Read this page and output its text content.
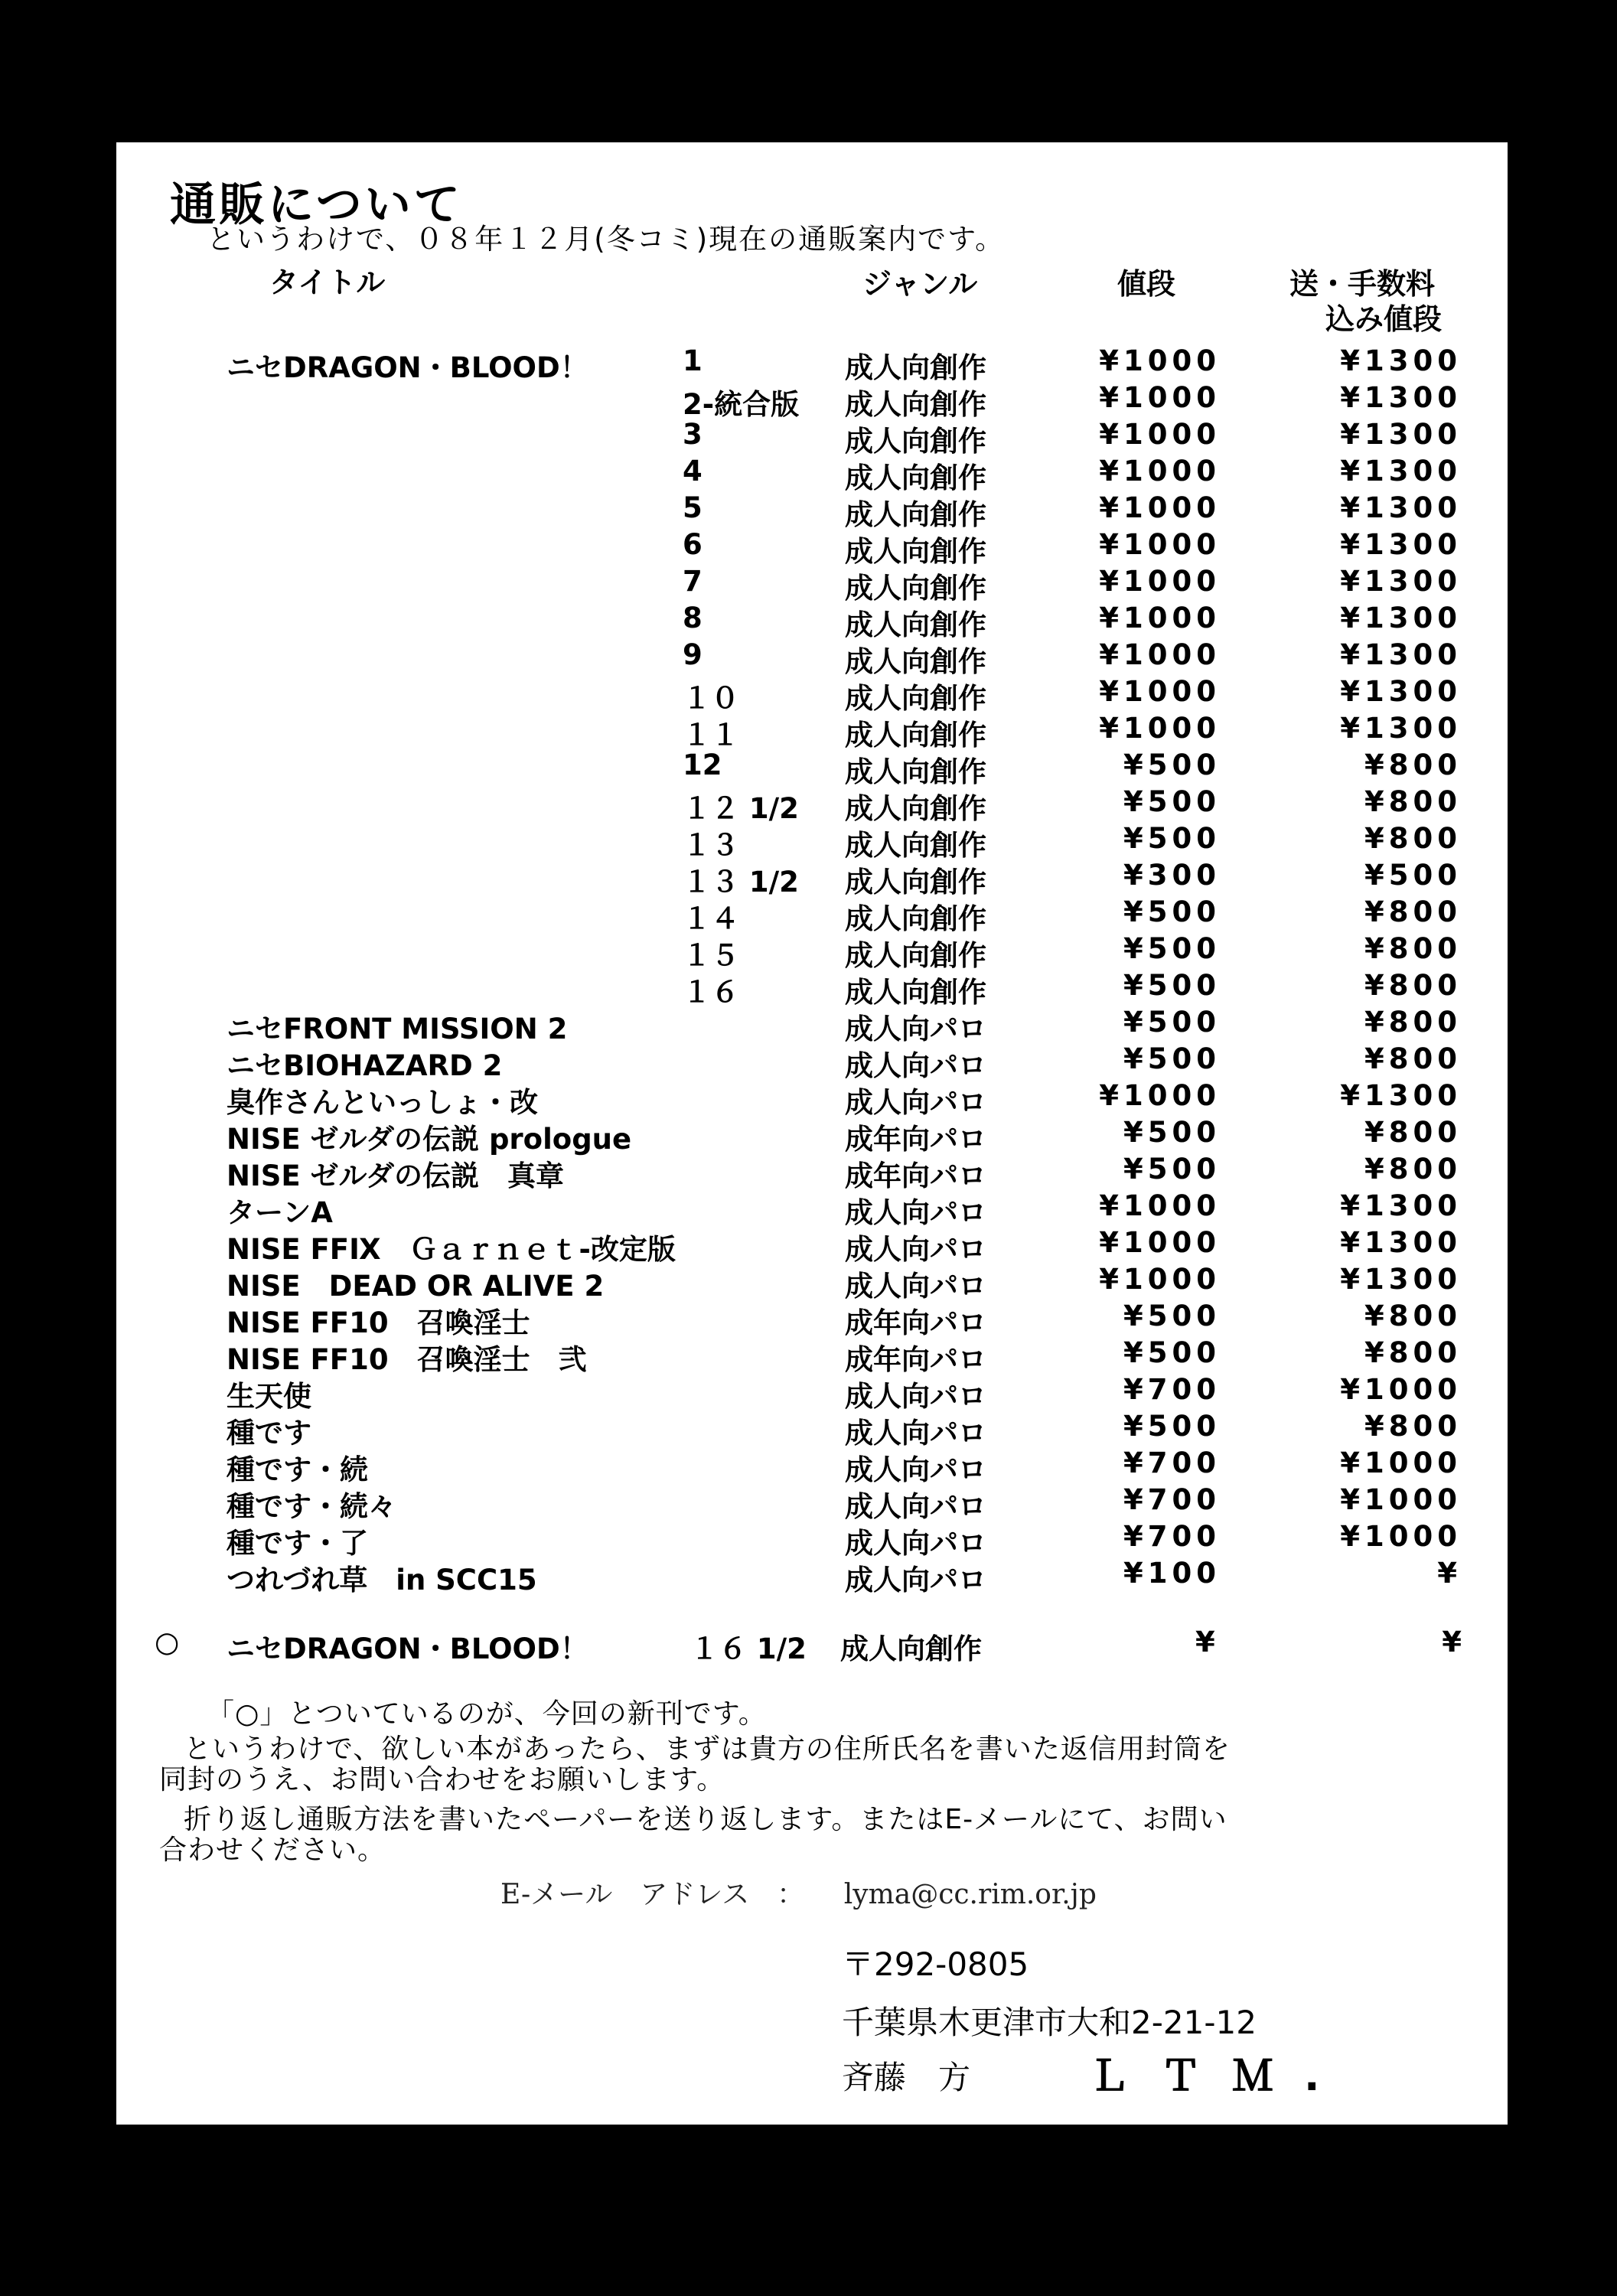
通販について
というわけで、０８年１２月(冬コミ)現在の通販案内です。
タイトル	ジャンル	値段	送・手数料
込み値段
ニセDRAGON・BLOOD！	1	成人向創作	¥1000	¥1300
2-統合版 成人向創作	¥1000	¥1300
3	成人向創作	¥1000	¥1300
4	成人向創作	¥1000	¥1300
5	成人向創作	¥1000	¥1300
6	成人向創作	¥1000	¥1300
7	成人向創作	¥1000	¥1300
8	成人向創作	¥1000	¥1300
9	成人向創作	¥1000	¥1300
１０	成人向創作	¥1000	¥1300
１１	成人向創作	¥1000	¥1300
12	成人向創作	¥500	¥800
１２ 1/2 成人向創作	¥500	¥800
１３	成人向創作	¥500	¥800
１３ 1/2 成人向創作	¥300	¥500
１４	成人向創作	¥500	¥800
１５	成人向創作	¥500	¥800
１６	成人向創作	¥500	¥800
ニセFRONT MISSION 2	成人向パロ	¥500	¥800
ニセBIOHAZARD 2	成人向パロ	¥500	¥800
臭作さんといっしょ・改	成人向パロ	¥1000	¥1300
NISE ゼルダの伝説 prologue	成年向パロ	¥500	¥800
NISE ゼルダの伝説　真章	成年向パロ	¥500	¥800
ターンA	成人向パロ	¥1000	¥1300
NISE FFⅨ　Ｇａｒｎｅｔ-改定版	成人向パロ	¥1000	¥1300
NISE　DEAD OR ALIVE 2	成人向パロ	¥1000	¥1300
NISE FF10　召喚淫士	成年向パロ	¥500	¥800
NISE FF10　召喚淫士　弐	成年向パロ	¥500	¥800
生天使	成人向パロ	¥700	¥1000
種です	成人向パロ	¥500	¥800
種です・続	成人向パロ	¥700	¥1000
種です・続々	成人向パロ	¥700	¥1000
種です・了	成人向パロ	¥700	¥1000
つれづれ草　in SCC15	成人向パロ	¥100	¥
○ ニセDRAGON・BLOOD！	１６ 1/2 成人向創作	¥	¥
「○」とついているのが、今回の新刊です。
というわけで、欲しい本があったら、まずは貴方の住所氏名を書いた返信用封筒を
同封のうえ、お問い合わせをお願いします。
折り返し通販方法を書いたペーパーを送り返します。またはE-メールにて、お問い
合わせください。
E-メール　アドレス　： lyma@cc.rim.or.jp
〒292-0805
千葉県木更津市大和2-21-12
斉藤　方	ＬＴＭ.
